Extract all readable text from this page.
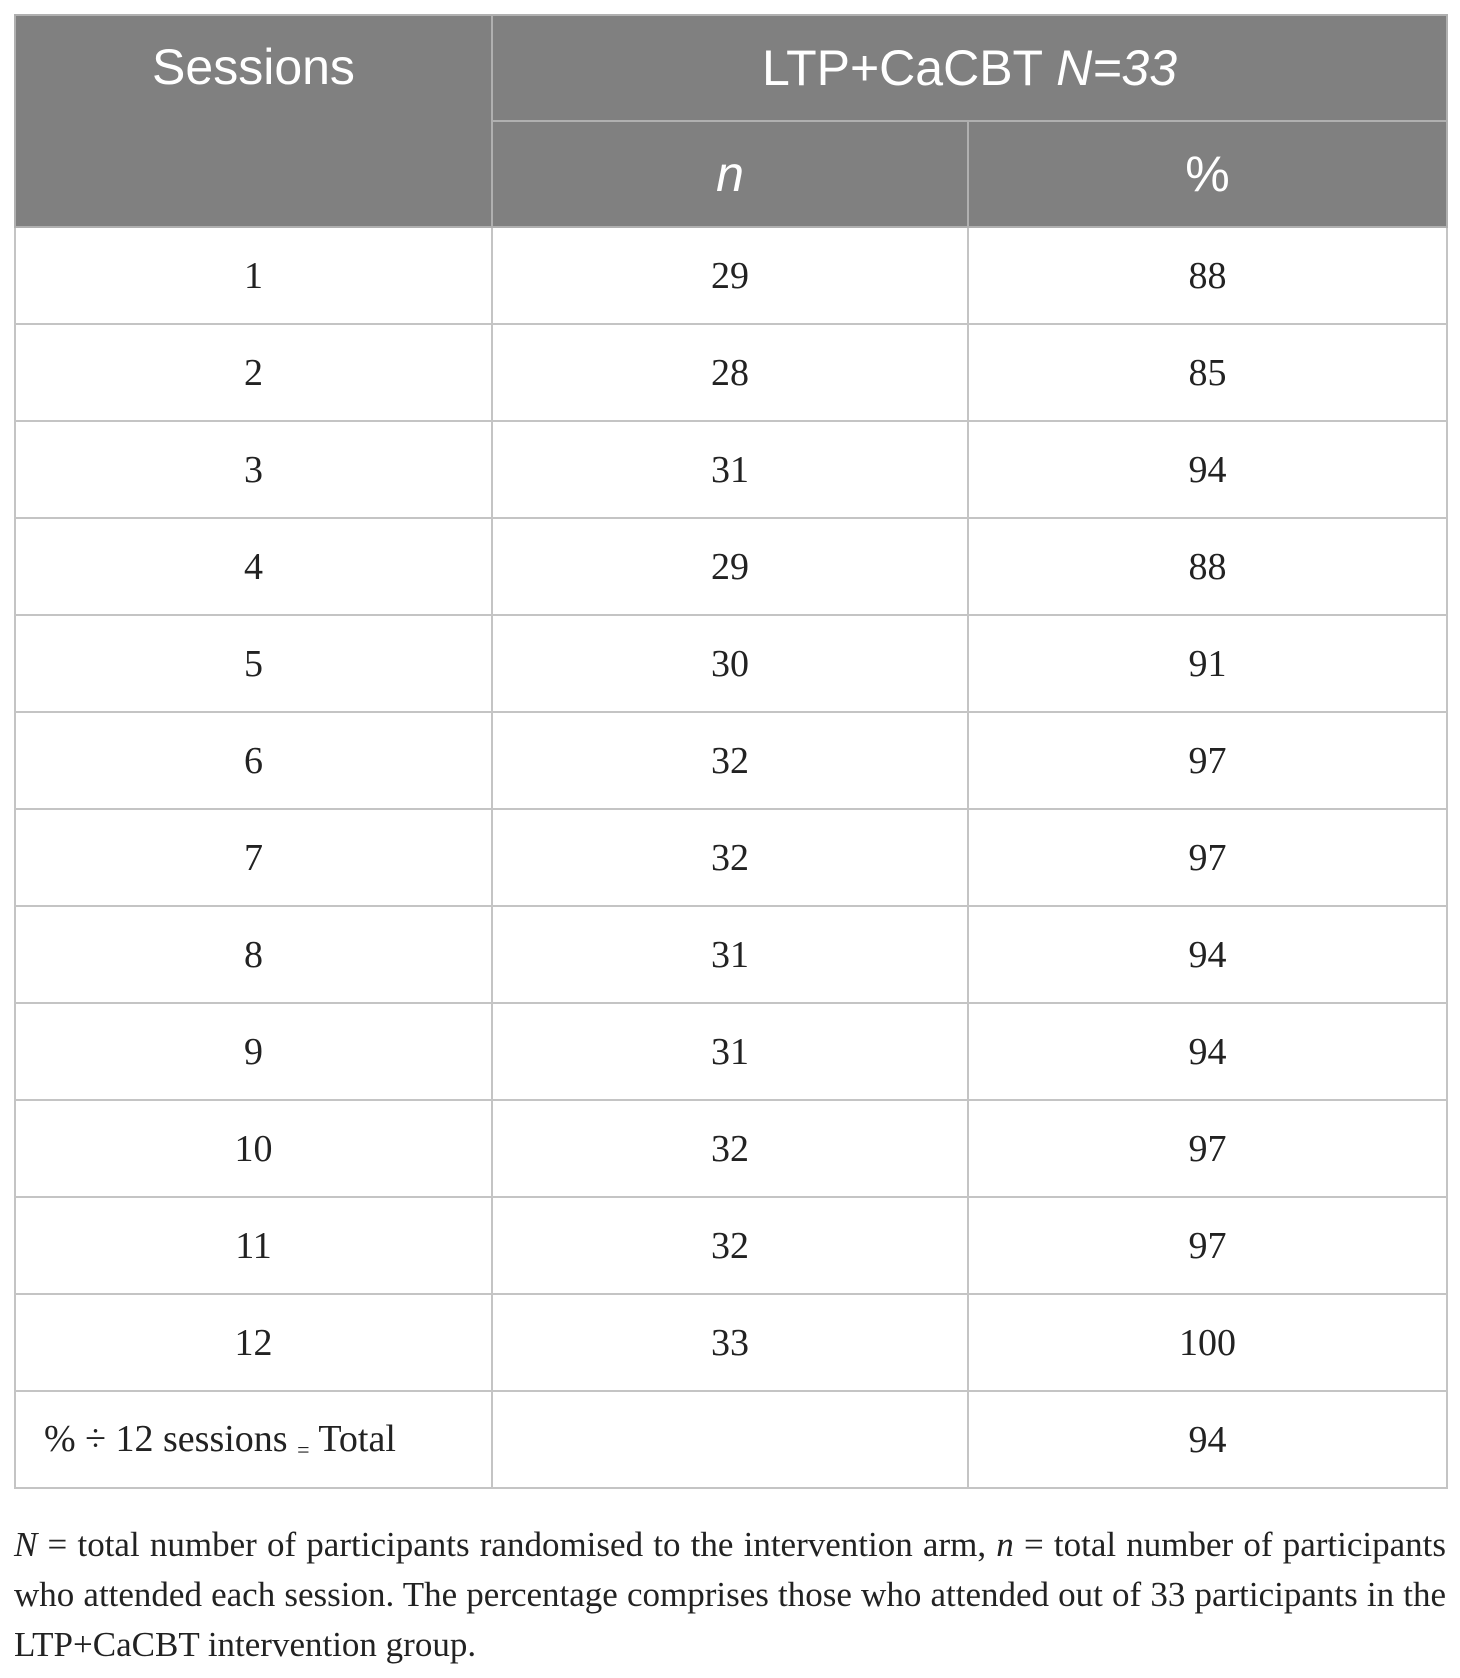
Sessions	LTP+CaCBT N=33	
	n	%
1	29	88
2	28	85
3	31	94
4	29	88
5	30	91
6	32	97
7	32	97
8	31	94
9	31	94
10	32	97
11	32	97
12	33	100
% ÷ 12 sessions = Total		94
N = total number of participants randomised to the intervention arm, n = total number of participants who attended each session. The percentage comprises those who attended out of 33 participants in the LTP+CaCBT intervention group.
